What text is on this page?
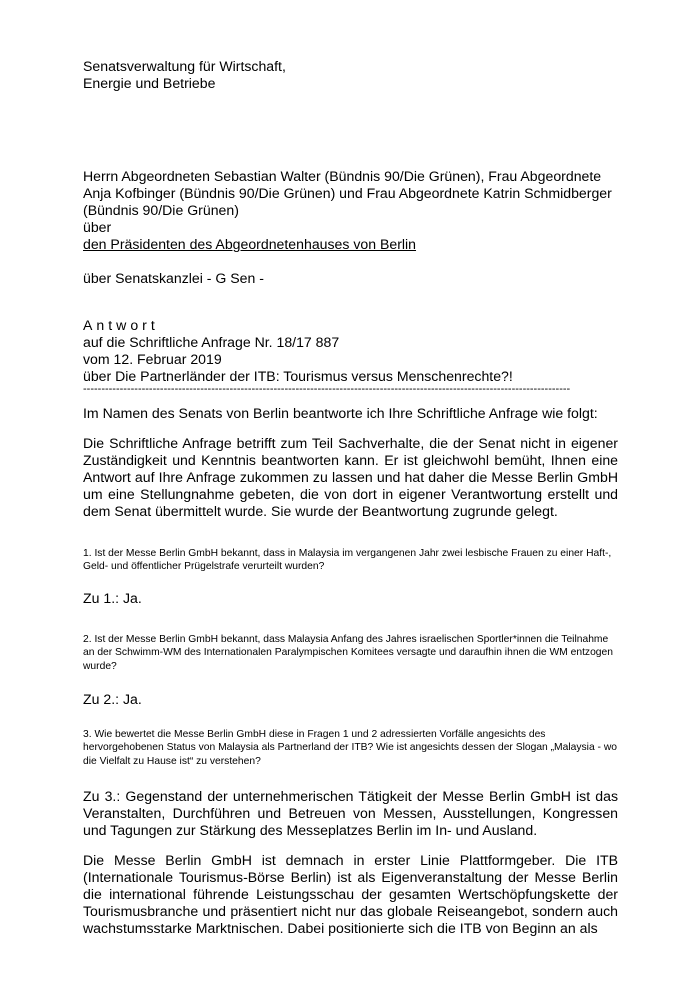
Senatsverwaltung für Wirtschaft,
Energie und Betriebe
Herrn Abgeordneten Sebastian Walter (Bündnis 90/Die Grünen), Frau Abgeordnete
Anja Kofbinger (Bündnis 90/Die Grünen) und Frau Abgeordnete Katrin Schmidberger
(Bündnis 90/Die Grünen)
über
den Präsidenten des Abgeordnetenhauses von Berlin
über Senatskanzlei - G Sen -
Antwort
auf die Schriftliche Anfrage Nr. 18/17 887
vom 12. Februar 2019
über Die Partnerländer der ITB: Tourismus versus Menschenrechte?!
-------------------------------------------------------------------------------------------------------------------------------------

Im Namen des Senats von Berlin beantworte ich Ihre Schriftliche Anfrage wie folgt:

Die Schriftliche Anfrage betrifft zum Teil Sachverhalte, die der Senat nicht in eigener Zuständigkeit und Kenntnis beantworten kann. Er ist gleichwohl bemüht, Ihnen eine Antwort auf Ihre Anfrage zukommen zu lassen und hat daher die Messe Berlin GmbH um eine Stellungnahme gebeten, die von dort in eigener Verantwortung erstellt und dem Senat übermittelt wurde. Sie wurde der Beantwortung zugrunde gelegt.

1. Ist der Messe Berlin GmbH bekannt, dass in Malaysia im vergangenen Jahr zwei lesbische Frauen zu einer Haft-, Geld- und öffentlicher Prügelstrafe verurteilt wurden?

Zu 1.: Ja.

2. Ist der Messe Berlin GmbH bekannt, dass Malaysia Anfang des Jahres israelischen Sportler*innen die Teilnahme an der Schwimm-WM des Internationalen Paralympischen Komitees versagte und daraufhin ihnen die WM entzogen wurde?

Zu 2.: Ja.

3. Wie bewertet die Messe Berlin GmbH diese in Fragen 1 und 2 adressierten Vorfälle angesichts des hervorgehobenen Status von Malaysia als Partnerland der ITB? Wie ist angesichts dessen der Slogan „Malaysia - wo die Vielfalt zu Hause ist“ zu verstehen?

Zu 3.: Gegenstand der unternehmerischen Tätigkeit der Messe Berlin GmbH ist das Veranstalten, Durchführen und Betreuen von Messen, Ausstellungen, Kongressen und Tagungen zur Stärkung des Messeplatzes Berlin im In- und Ausland.

Die Messe Berlin GmbH ist demnach in erster Linie Plattformgeber. Die ITB (Internationale Tourismus-Börse Berlin) ist als Eigenveranstaltung der Messe Berlin die international führende Leistungsschau der gesamten Wertschöpfungskette der Tourismusbranche und präsentiert nicht nur das globale Reiseangebot, sondern auch wachstumsstarke Marktnischen. Dabei positionierte sich die ITB von Beginn an als
